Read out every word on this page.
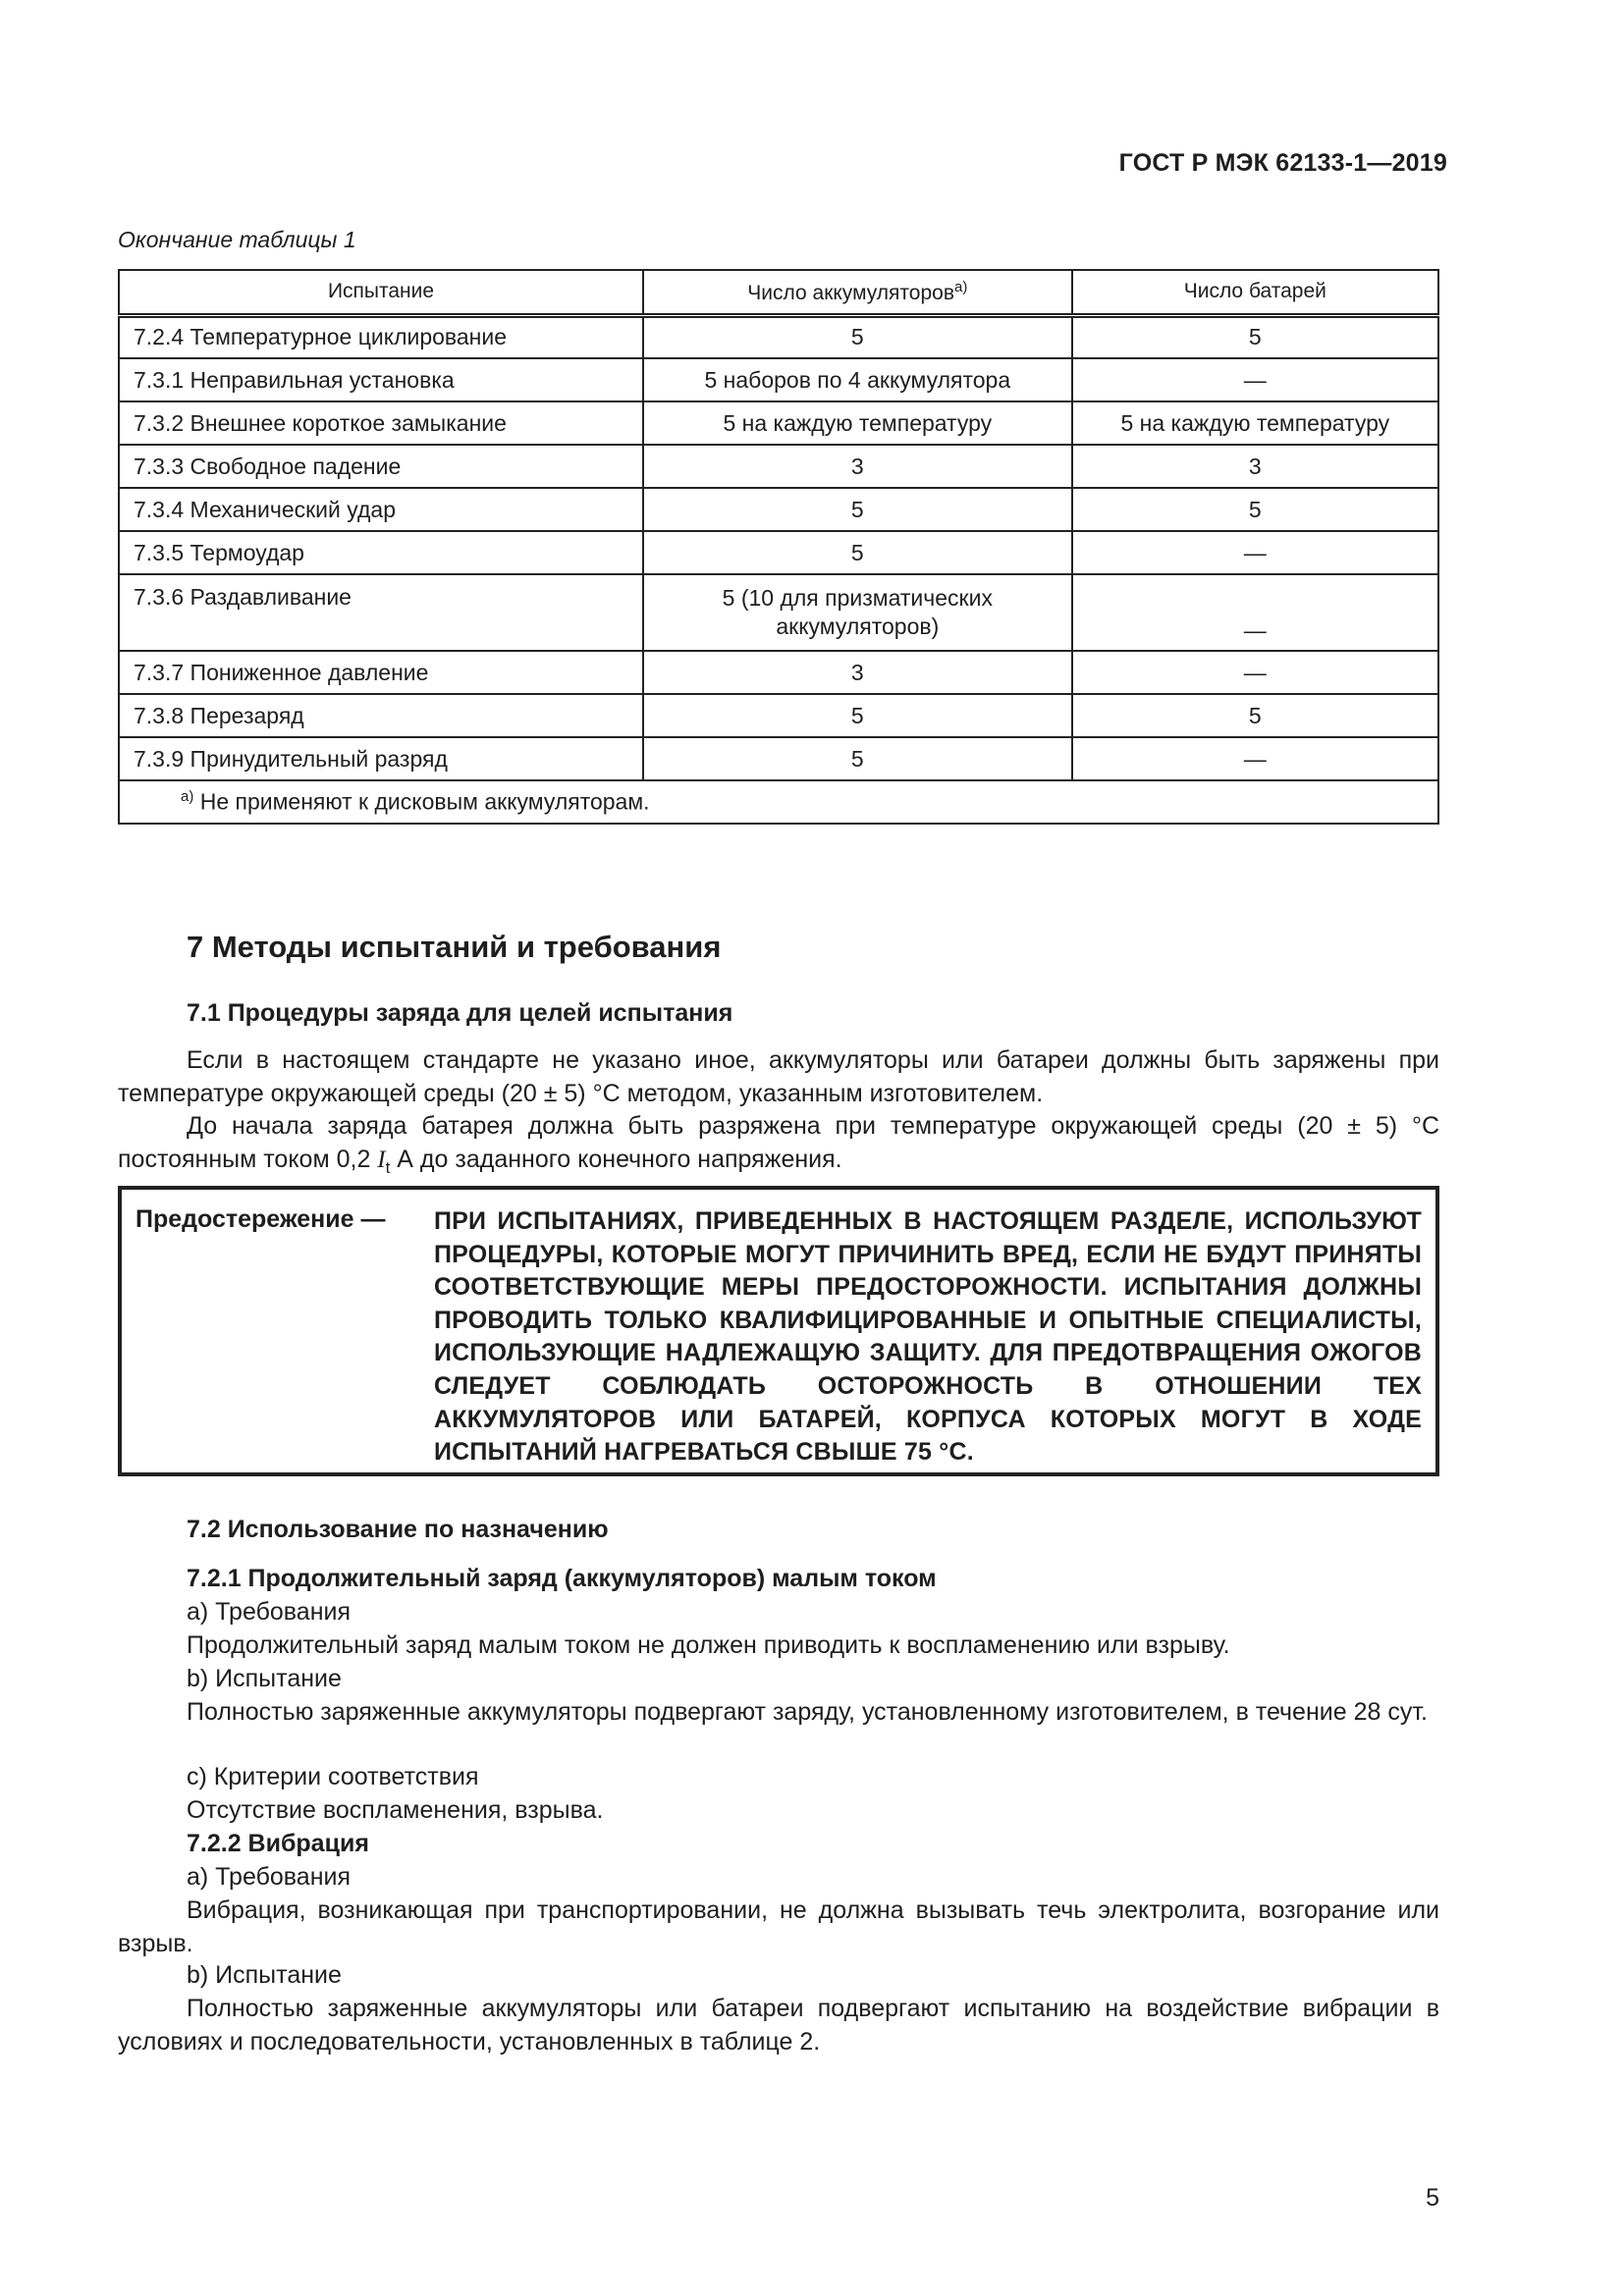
ГОСТ Р МЭК 62133-1—2019
Окончание таблицы 1
Испытание	Число аккумуляторов$^{a)}$	Число батарей
7.2.4 Температурное циклирование	5	5
7.3.1 Неправильная установка	5 наборов по 4 аккумулятора	—
7.3.2 Внешнее короткое замыкание	5 на каждую температуру	5 на каждую температуру
7.3.3 Свободное падение	3	3
7.3.4 Механический удар	5	5
7.3.5 Термоудар	5	—
7.3.6 Раздавливание	5 (10 для призматических аккумуляторов)	—
7.3.7 Пониженное давление	3	—
7.3.8 Перезаряд	5	5
7.3.9 Принудительный разряд	5	—
$^{a)}$ Не применяют к дисковым аккумуляторам.		
7 Методы испытаний и требования
7.1 Процедуры заряда для целей испытания
Если в настоящем стандарте не указано иное, аккумуляторы или батареи должны быть заряжены при температуре окружающей среды (20 ± 5) °С методом, указанным изготовителем.
До начала заряда батарея должна быть разряжена при температуре окружающей среды (20 ± 5) °С постоянным током 0,2 $I_t$ А до заданного конечного напряжения.
Предостережение — ПРИ ИСПЫТАНИЯХ, ПРИВЕДЕННЫХ В НАСТОЯЩЕМ РАЗДЕЛЕ, ИСПОЛЬЗУЮТ ПРОЦЕДУРЫ, КОТОРЫЕ МОГУТ ПРИЧИНИТЬ ВРЕД, ЕСЛИ НЕ БУДУТ ПРИНЯТЫ СООТВЕТСТВУЮЩИЕ МЕРЫ ПРЕДОСТОРОЖНОСТИ. ИСПЫТАНИЯ ДОЛЖНЫ ПРОВОДИТЬ ТОЛЬКО КВАЛИФИЦИРОВАННЫЕ И ОПЫТНЫЕ СПЕЦИАЛИСТЫ, ИСПОЛЬЗУЮЩИЕ НАДЛЕЖАЩУЮ ЗАЩИТУ. ДЛЯ ПРЕДОТВРАЩЕНИЯ ОЖОГОВ СЛЕДУЕТ СОБЛЮДАТЬ ОСТОРОЖНОСТЬ В ОТНОШЕНИИ ТЕХ АККУМУЛЯТОРОВ ИЛИ БАТАРЕЙ, КОРПУСА КОТОРЫХ МОГУТ В ХОДЕ ИСПЫТАНИЙ НАГРЕВАТЬСЯ СВЫШЕ 75 °С.
7.2 Использование по назначению
7.2.1 Продолжительный заряд (аккумуляторов) малым током
a) Требования
Продолжительный заряд малым током не должен приводить к воспламенению или взрыву.
b) Испытание
Полностью заряженные аккумуляторы подвергают заряду, установленному изготовителем, в течение 28 сут.
c) Критерии соответствия
Отсутствие воспламенения, взрыва.
7.2.2 Вибрация
a) Требования
Вибрация, возникающая при транспортировании, не должна вызывать течь электролита, возгорание или взрыв.
b) Испытание
Полностью заряженные аккумуляторы или батареи подвергают испытанию на воздействие вибрации в условиях и последовательности, установленных в таблице 2.
5
